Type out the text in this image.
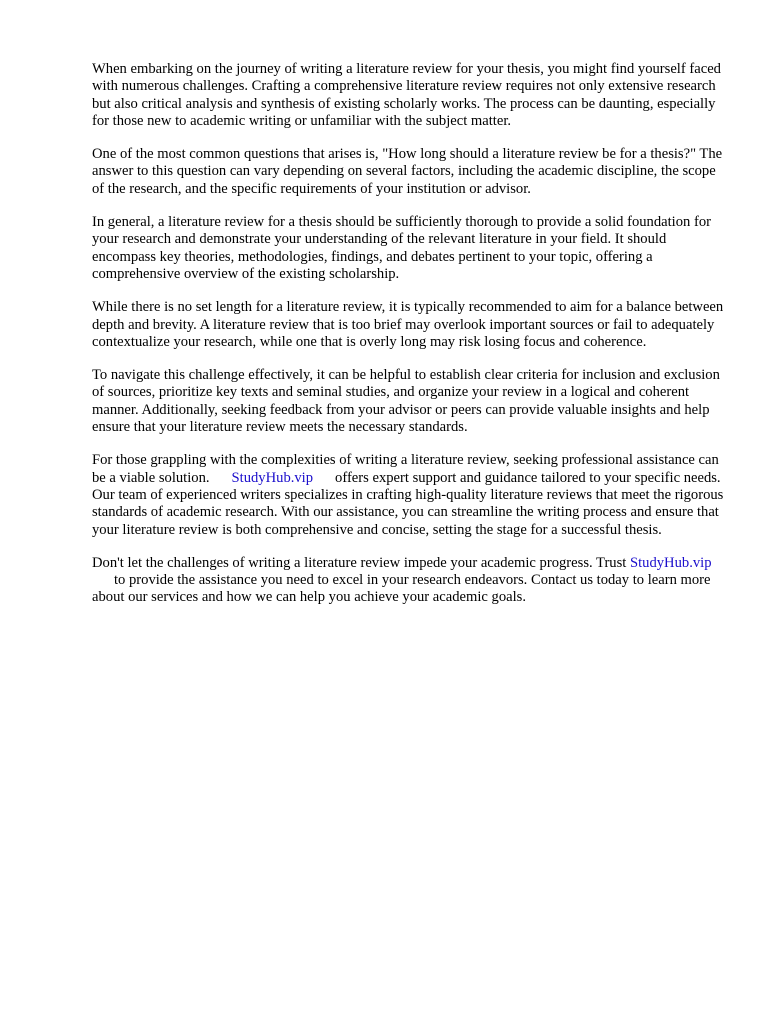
When embarking on the journey of writing a literature review for your thesis, you might find yourself faced with numerous challenges. Crafting a comprehensive literature review requires not only extensive research but also critical analysis and synthesis of existing scholarly works. The process can be daunting, especially for those new to academic writing or unfamiliar with the subject matter.

One of the most common questions that arises is, "How long should a literature review be for a thesis?" The answer to this question can vary depending on several factors, including the academic discipline, the scope of the research, and the specific requirements of your institution or advisor.

In general, a literature review for a thesis should be sufficiently thorough to provide a solid foundation for your research and demonstrate your understanding of the relevant literature in your field. It should encompass key theories, methodologies, findings, and debates pertinent to your topic, offering a comprehensive overview of the existing scholarship.

While there is no set length for a literature review, it is typically recommended to aim for a balance between depth and brevity. A literature review that is too brief may overlook important sources or fail to adequately contextualize your research, while one that is overly long may risk losing focus and coherence.

To navigate this challenge effectively, it can be helpful to establish clear criteria for inclusion and exclusion of sources, prioritize key texts and seminal studies, and organize your review in a logical and coherent manner. Additionally, seeking feedback from your advisor or peers can provide valuable insights and help ensure that your literature review meets the necessary standards.

For those grappling with the complexities of writing a literature review, seeking professional assistance can be a viable solution. StudyHub.vip offers expert support and guidance tailored to your specific needs. Our team of experienced writers specializes in crafting high-quality literature reviews that meet the rigorous standards of academic research. With our assistance, you can streamline the writing process and ensure that your literature review is both comprehensive and concise, setting the stage for a successful thesis.

Don't let the challenges of writing a literature review impede your academic progress. Trust StudyHub.vipto provide the assistance you need to excel in your research endeavors. Contact us today to learn more about our services and how we can help you achieve your academic goals.
